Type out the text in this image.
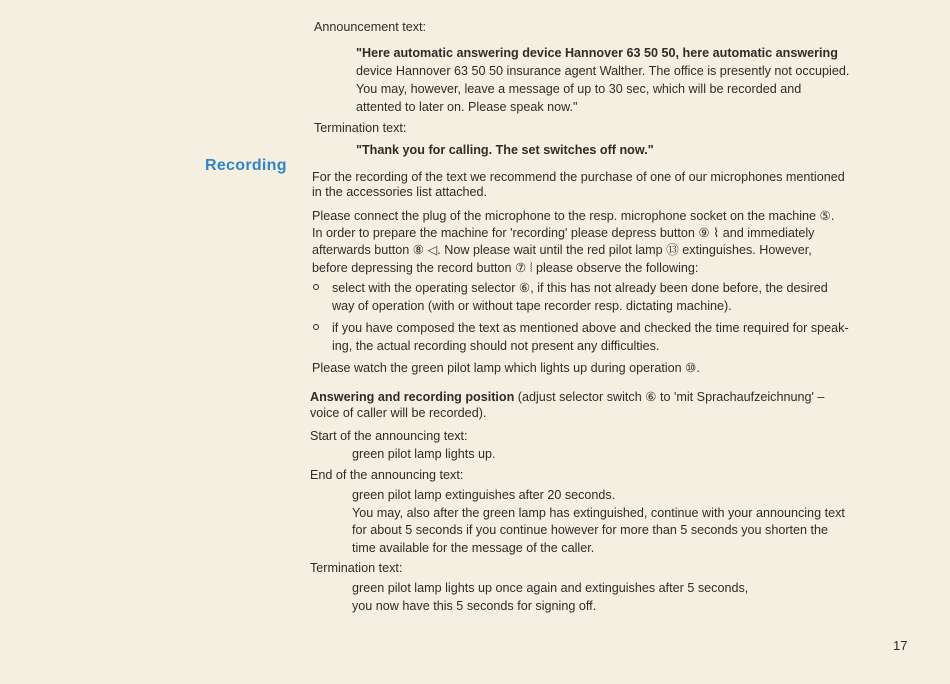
Recording
Announcement text:
"Here automatic answering device Hannover 63 50 50, here automatic answering
device Hannover 63 50 50 insurance agent Walther. The office is presently not occupied.
You may, however, leave a message of up to 30 sec, which will be recorded and
attented to later on. Please speak now."
Termination text:
"Thank you for calling. The set switches off now."
For the recording of the text we recommend the purchase of one of our microphones mentioned
in the accessories list attached.
Please connect the plug of the microphone to the resp. microphone socket on the machine ⑤.
In order to prepare the machine for 'recording' please depress button ⑨ ⌇ and immediately
afterwards button ⑧ ◁. Now please wait until the red pilot lamp ⑬ extinguishes. However,
before depressing the record button ⑦ ⦚ please observe the following:
select with the operating selector ⑥, if this has not already been done before, the desired
way of operation (with or without tape recorder resp. dictating machine).
if you have composed the text as mentioned above and checked the time required for speak-
ing, the actual recording should not present any difficulties.
Please watch the green pilot lamp which lights up during operation ⑩.
Answering and recording position (adjust selector switch ⑥ to 'mit Sprachaufzeichnung' –
voice of caller will be recorded).
Start of the announcing text:
green pilot lamp lights up.
End of the announcing text:
green pilot lamp extinguishes after 20 seconds.
You may, also after the green lamp has extinguished, continue with your announcing text
for about 5 seconds if you continue however for more than 5 seconds you shorten the
time available for the message of the caller.
Termination text:
green pilot lamp lights up once again and extinguishes after 5 seconds,
you now have this 5 seconds for signing off.
17
